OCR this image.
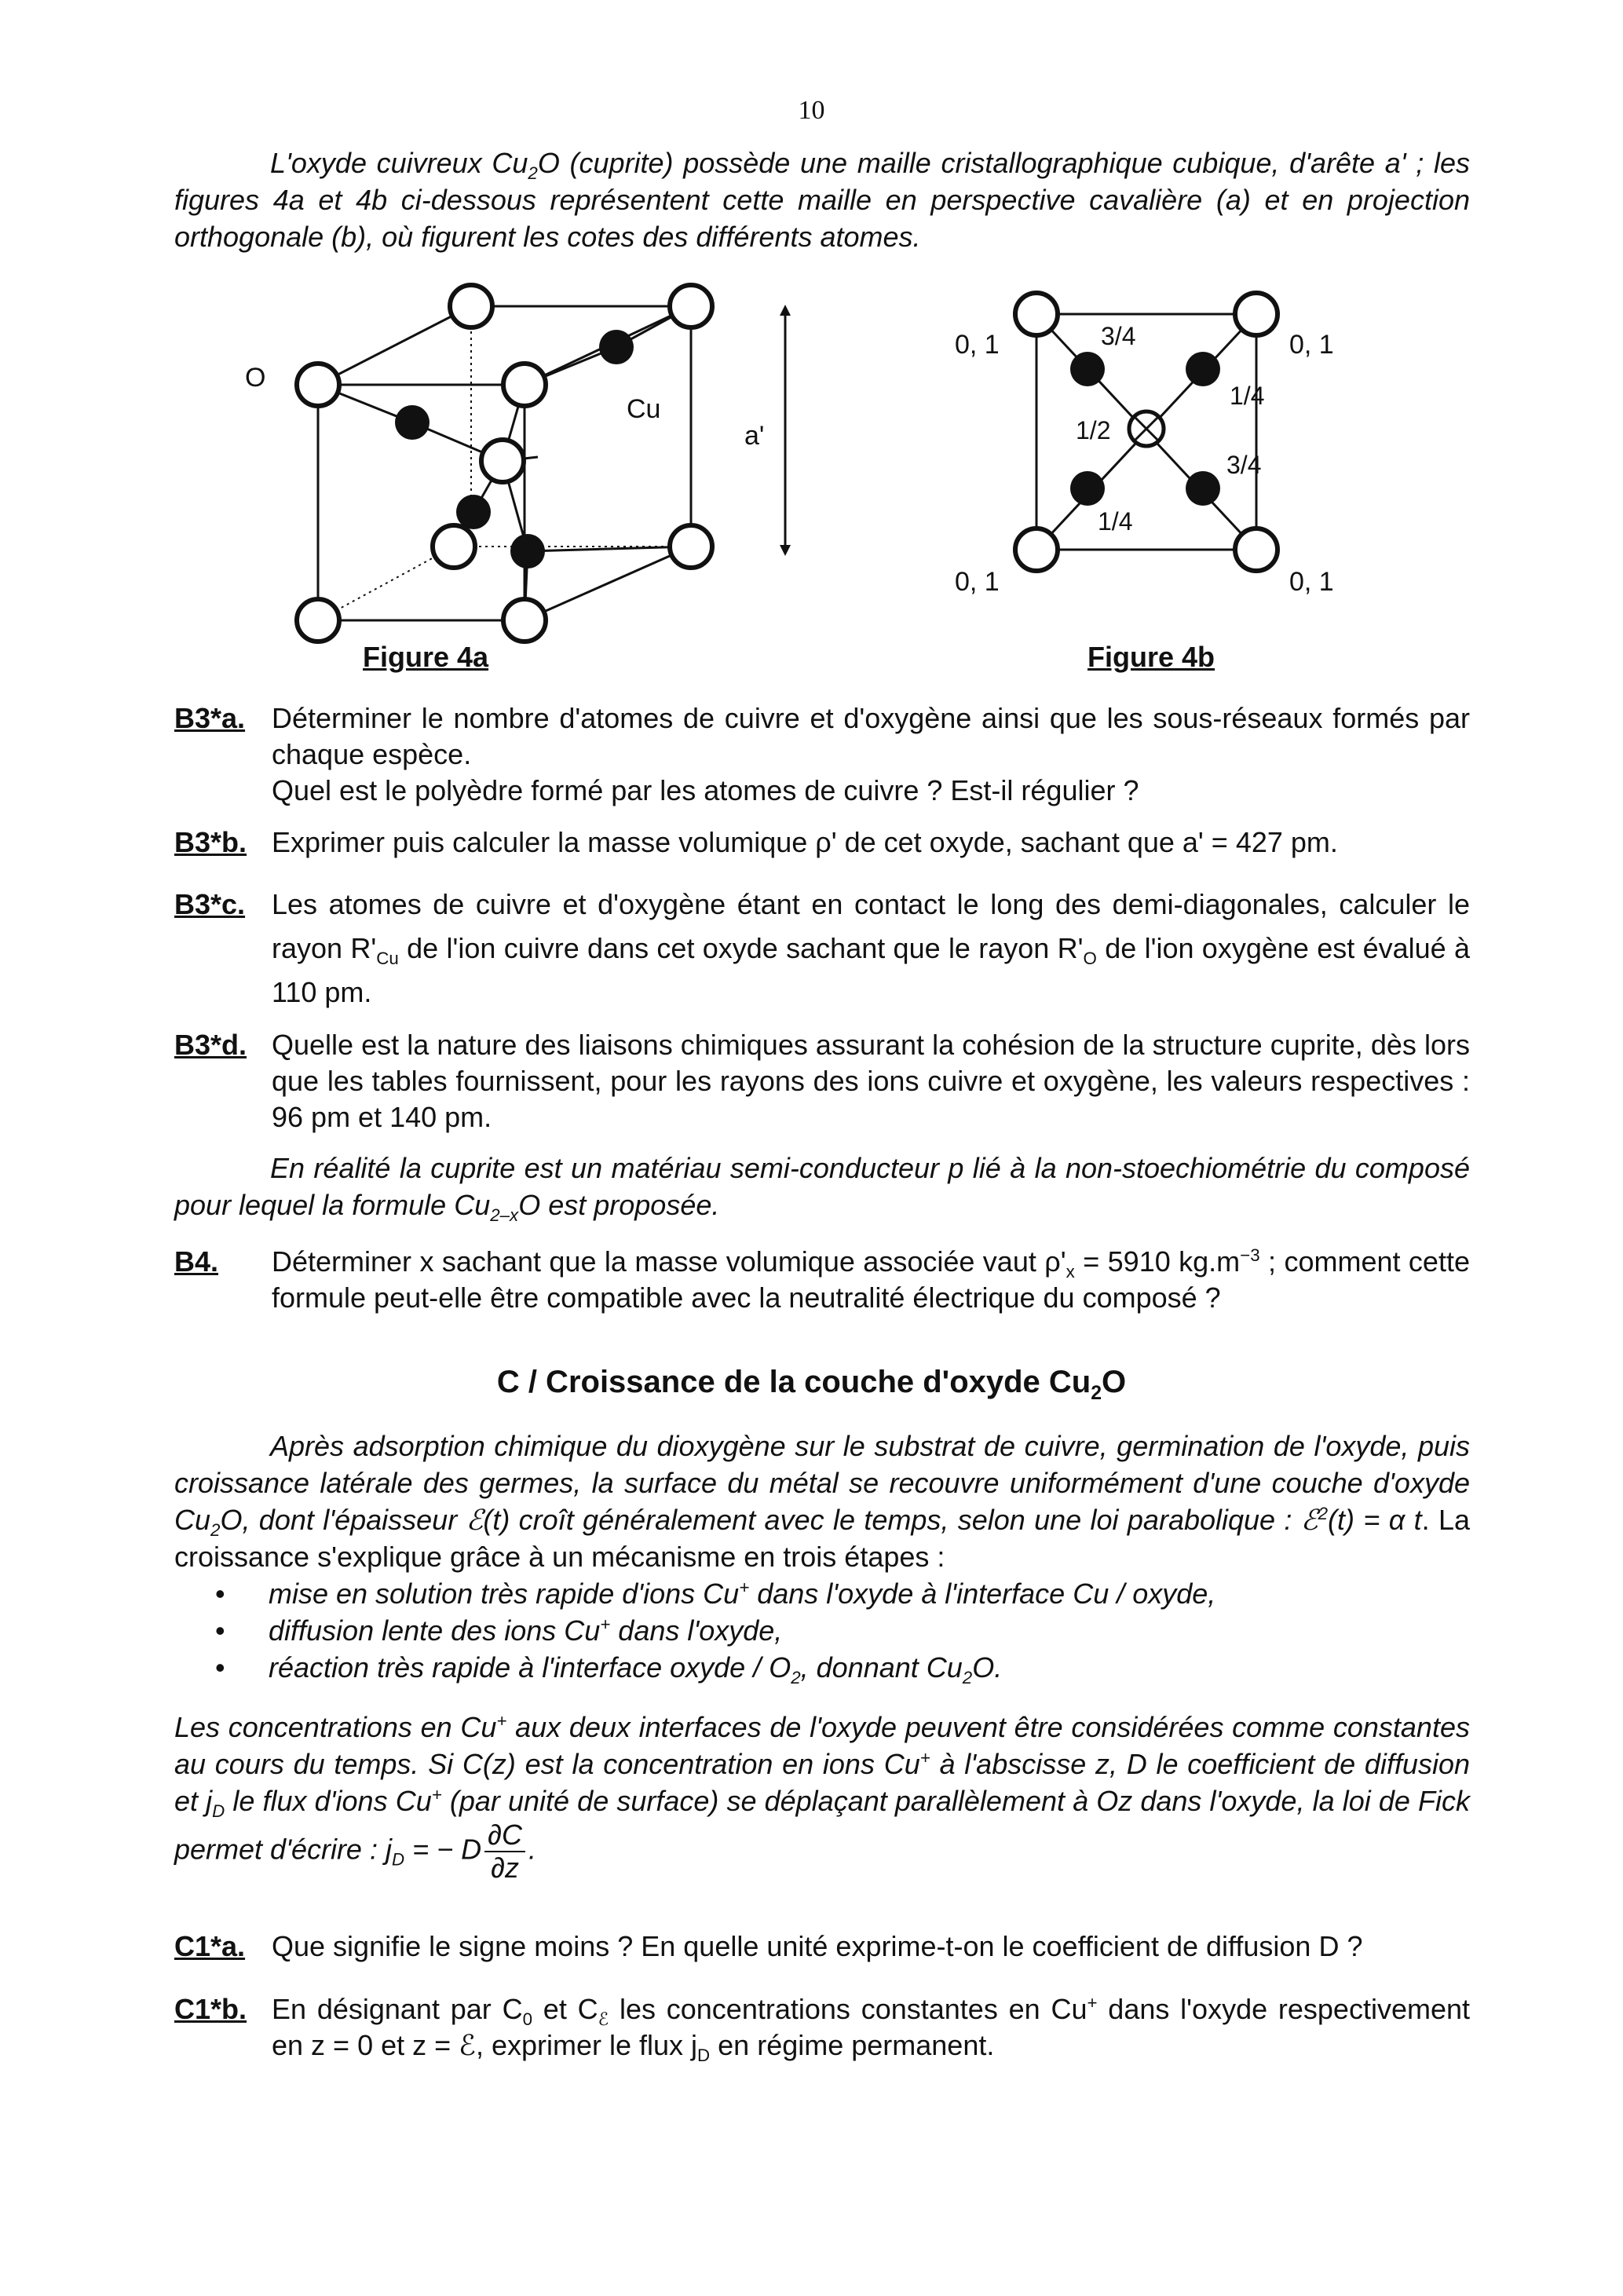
10
L'oxyde cuivreux $Cu_2O$ (cuprite) possède une maille cristallographique cubique, d'arête a' ; les figures 4a et 4b ci-dessous représentent cette maille en perspective cavalière (a) et en projection orthogonale (b), où figurent les cotes des différents atomes.
O
Cu
a'
Figure 4a
0, 1	0, 1
0, 1	0, 1
3/4
1/4
1/2
3/4
1/4
Figure 4b
B3*a. Déterminer le nombre d'atomes de cuivre et d'oxygène ainsi que les sous-réseaux formés par chaque espèce.

Quel est le polyèdre formé par les atomes de cuivre ? Est-il régulier ?

B3*b. Exprimer puis calculer la masse volumique ρ' de cet oxyde, sachant que a' = 427 pm.
B3*c. Les atomes de cuivre et d'oxygène étant en contact le long des demi-diagonales, calculer le rayon $R'_{Cu}$ de l'ion cuivre dans cet oxyde sachant que le rayon $R'_O$ de l'ion oxygène est évalué à 110 pm.
B3*d. Quelle est la nature des liaisons chimiques assurant la cohésion de la structure cuprite, dès lors que les tables fournissent, pour les rayons des ions cuivre et oxygène, les valeurs respectives : 96 pm et 140 pm.
En réalité la cuprite est un matériau semi-conducteur p lié à la non-stoechiométrie du composé pour lequel la formule $Cu_{2-x}O$ est proposée.
B4. Déterminer x sachant que la masse volumique associée vaut $\rho'_x = 5910$ $kg.m^{-3}$ ; comment cette formule peut-elle être compatible avec la neutralité électrique du composé ?
C / Croissance de la couche d'oxyde $Cu_2O$
Après adsorption chimique du dioxygène sur le substrat de cuivre, germination de l'oxyde, puis croissance latérale des germes, la surface du métal se recouvre uniformément d'une couche d'oxyde $Cu_2O$, dont l'épaisseur ℰ(t) croît généralement avec le temps, selon une loi parabolique : ℰ$^2$(t) = α t. La croissance s'explique grâce à un mécanisme en trois étapes :
• mise en solution très rapide d'ions Cu+ dans l'oxyde à l'interface Cu / oxyde,
• diffusion lente des ions Cu+ dans l'oxyde,
• réaction très rapide à l'interface oxyde / $O_2$, donnant $Cu_2O$.
Les concentrations en Cu+ aux deux interfaces de l'oxyde peuvent être considérées comme constantes au cours du temps. Si C(z) est la concentration en ions Cu+ à l'abscisse z, D le coefficient de diffusion et $j_D$ le flux d'ions Cu+ (par unité de surface) se déplaçant parallèlement à Oz dans l'oxyde, la loi de Fick permet d'écrire : $j_D$ = − D $\frac{\partial C}{\partial z}$ .
C1*a. Que signifie le signe moins ? En quelle unité exprime-t-on le coefficient de diffusion D ?
C1*b. En désignant par $C_0$ et $C_ℰ$ les concentrations constantes en Cu+ dans l'oxyde respectivement en z = 0 et z = ℰ, exprimer le flux $j_D$ en régime permanent.
